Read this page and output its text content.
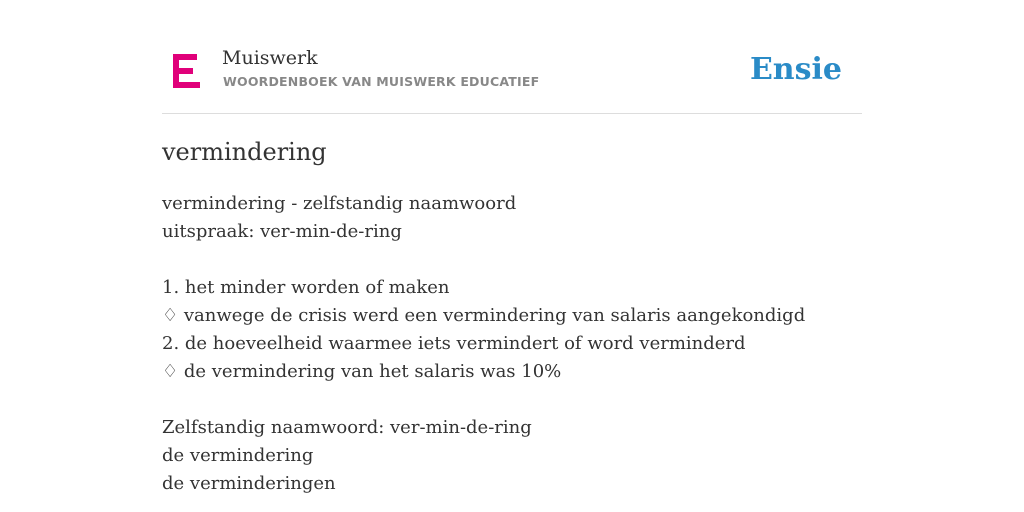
Muiswerk
WOORDENBOEK VAN MUISWERK EDUCATIEF	Ensie
vermindering
vermindering - zelfstandig naamwoord
uitspraak: ver-min-de-ring
1. het minder worden of maken
♢ vanwege de crisis werd een vermindering van salaris aangekondigd
2. de hoeveelheid waarmee iets vermindert of word verminderd
♢ de vermindering van het salaris was 10%
Zelfstandig naamwoord: ver-min-de-ring
de vermindering
de verminderingen
